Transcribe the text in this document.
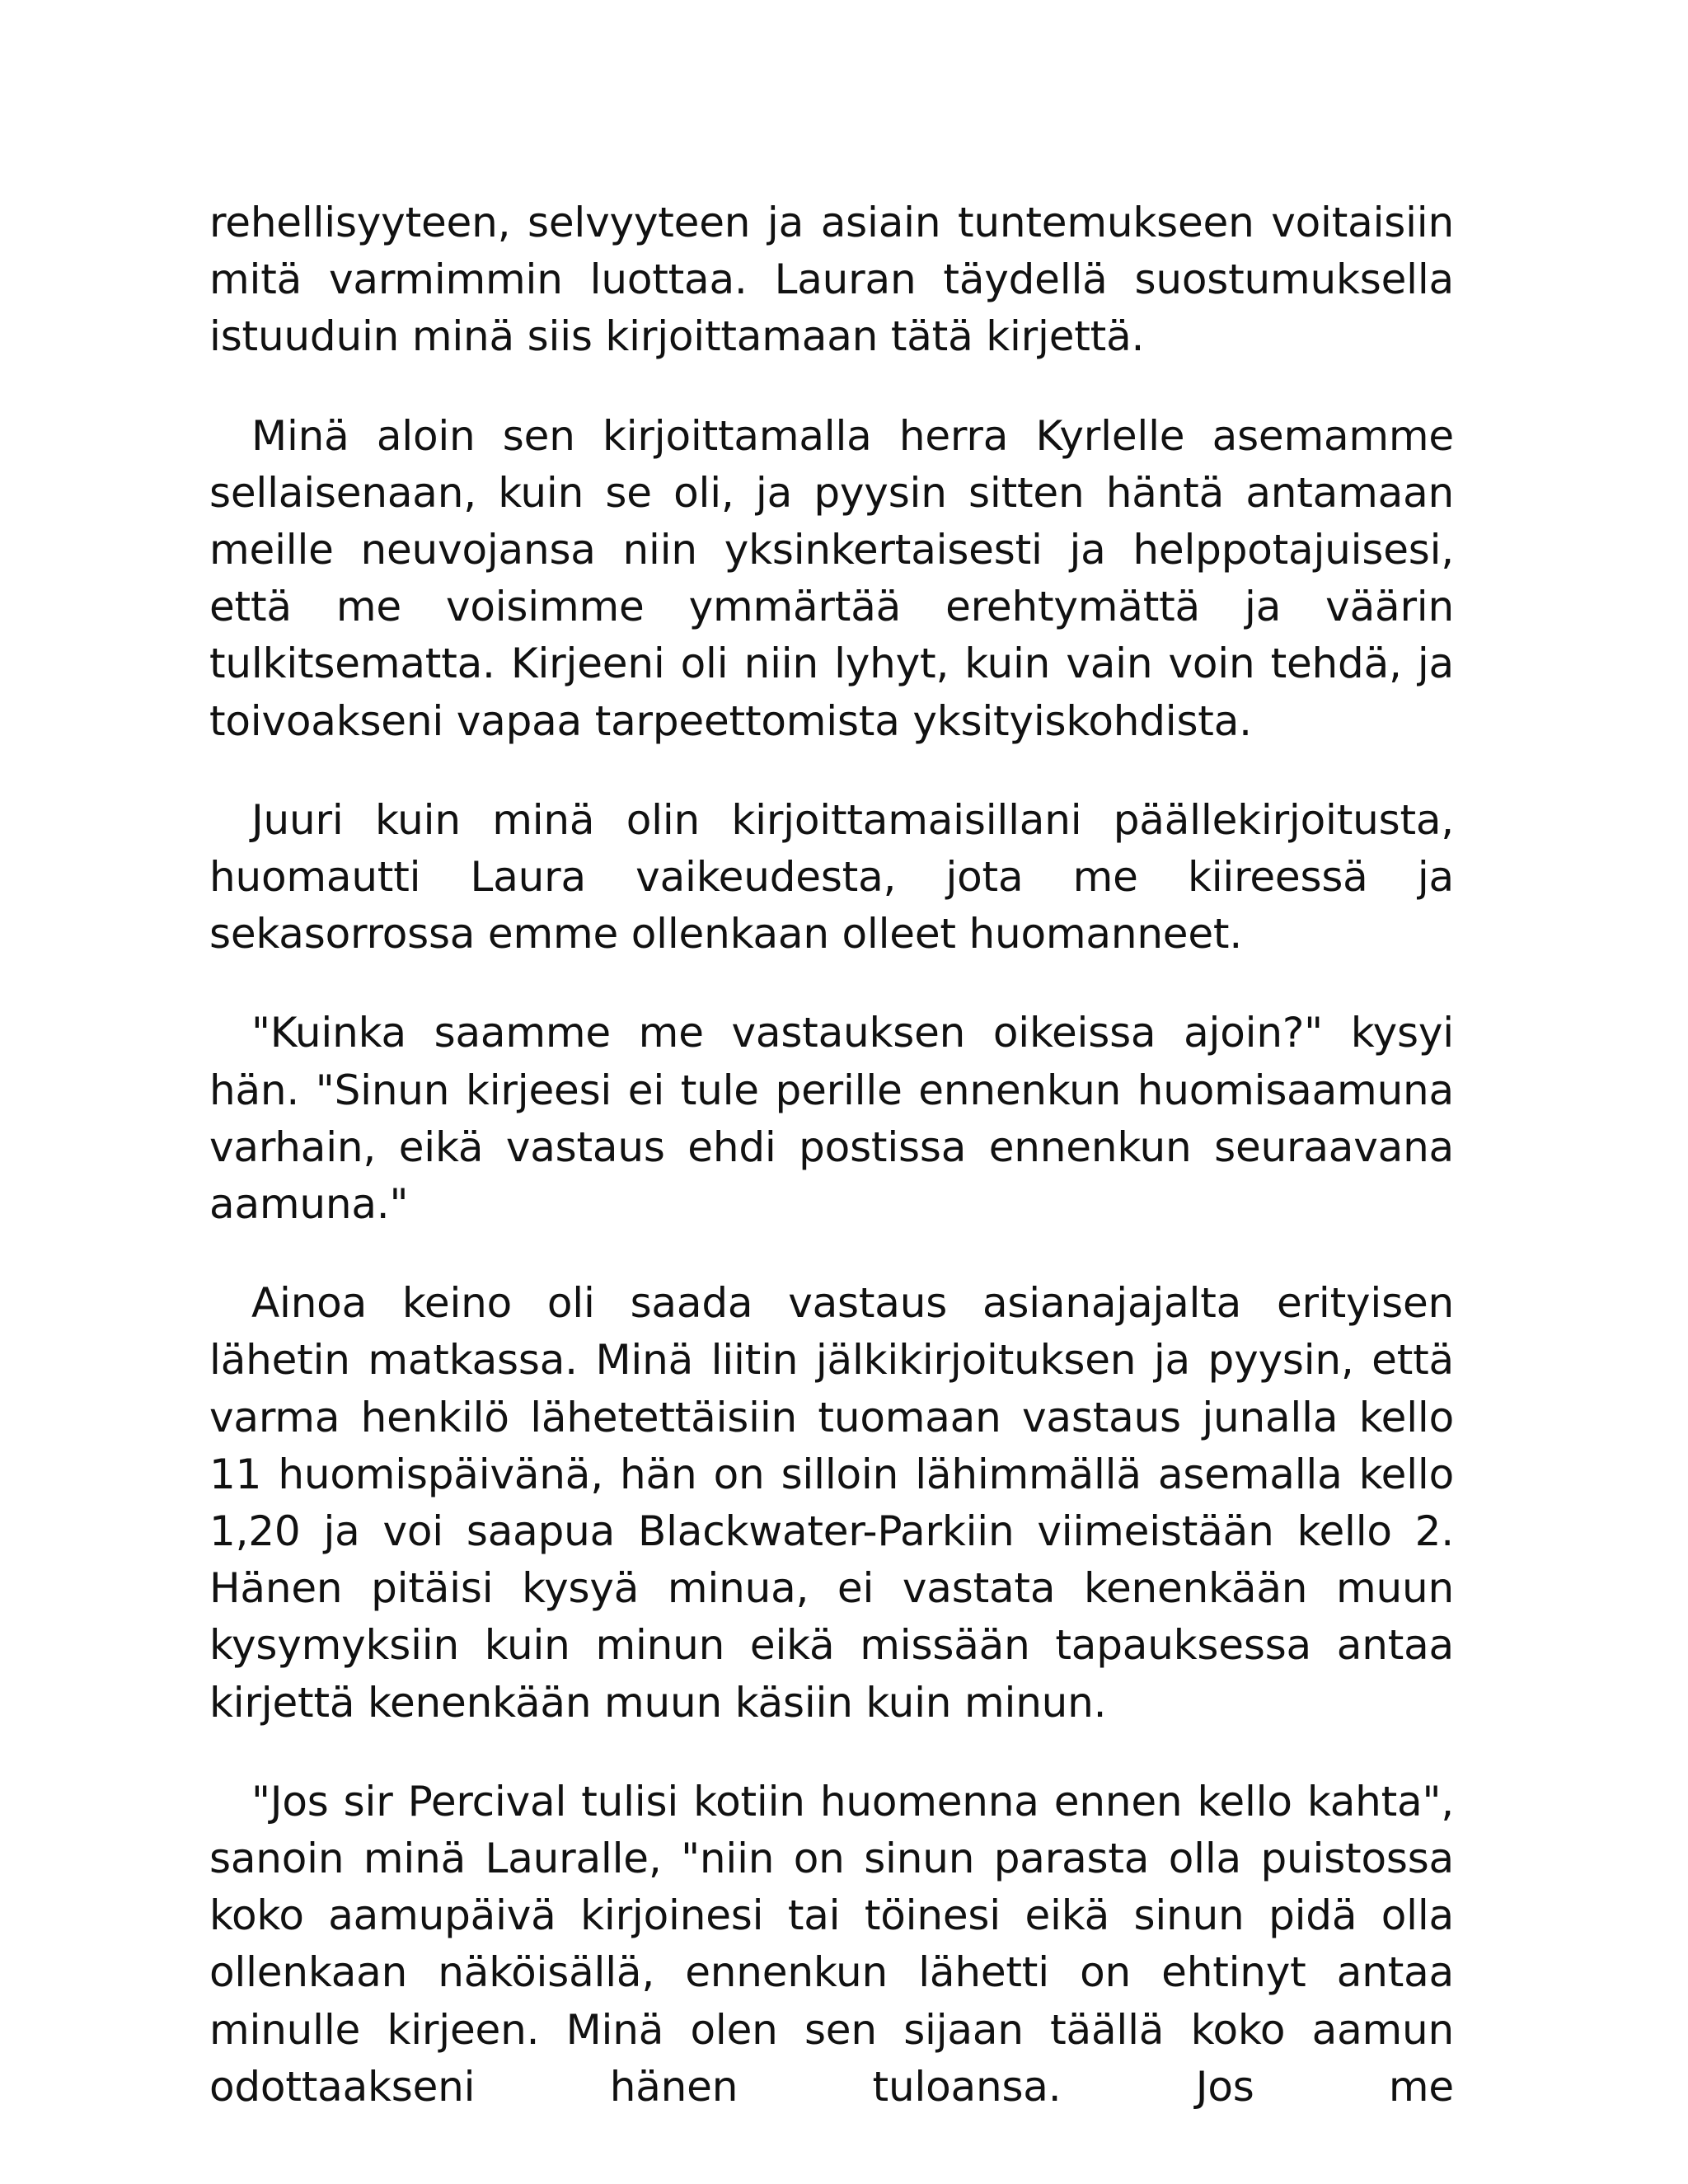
rehellisyyteen, selvyyteen ja asiain tuntemukseen voitaisiin mitä varmimmin luottaa. Lauran täydellä suostumuksella istuuduin minä siis kirjoittamaan tätä kirjettä.

Minä aloin sen kirjoittamalla herra Kyrlelle asemamme sellaisenaan, kuin se oli, ja pyysin sitten häntä antamaan meille neuvojansa niin yksinkertaisesti ja helppotajuisesi, että me voisimme ymmärtää erehtymättä ja väärin tulkitsematta. Kirjeeni oli niin lyhyt, kuin vain voin tehdä, ja toivoakseni vapaa tarpeettomista yksityiskohdista.

Juuri kuin minä olin kirjoittamaisillani päällekirjoitusta, huomautti Laura vaikeudesta, jota me kiireessä ja sekasorrossa emme ollenkaan olleet huomanneet.

"Kuinka saamme me vastauksen oikeissa ajoin?" kysyi hän. "Sinun kirjeesi ei tule perille ennenkun huomisaamuna varhain, eikä vastaus ehdi postissa ennenkun seuraavana aamuna."

Ainoa keino oli saada vastaus asianajajalta erityisen lähetin matkassa. Minä liitin jälkikirjoituksen ja pyysin, että varma henkilö lähetettäisiin tuomaan vastaus junalla kello 11 huomispäivänä, hän on silloin lähimmällä asemalla kello 1,20 ja voi saapua Blackwater-Parkiin viimeistään kello 2. Hänen pitäisi kysyä minua, ei vastata kenenkään muun kysymyksiin kuin minun eikä missään tapauksessa antaa kirjettä kenenkään muun käsiin kuin minun.

"Jos sir Percival tulisi kotiin huomenna ennen kello kahta", sanoin minä Lauralle, "niin on sinun parasta olla puistossa koko aamupäivä kirjoinesi tai töinesi eikä sinun pidä olla ollenkaan näköisällä, ennenkun lähetti on ehtinyt antaa minulle kirjeen. Minä olen sen sijaan täällä koko aamun odottaakseni hänen tuloansa. Jos me
